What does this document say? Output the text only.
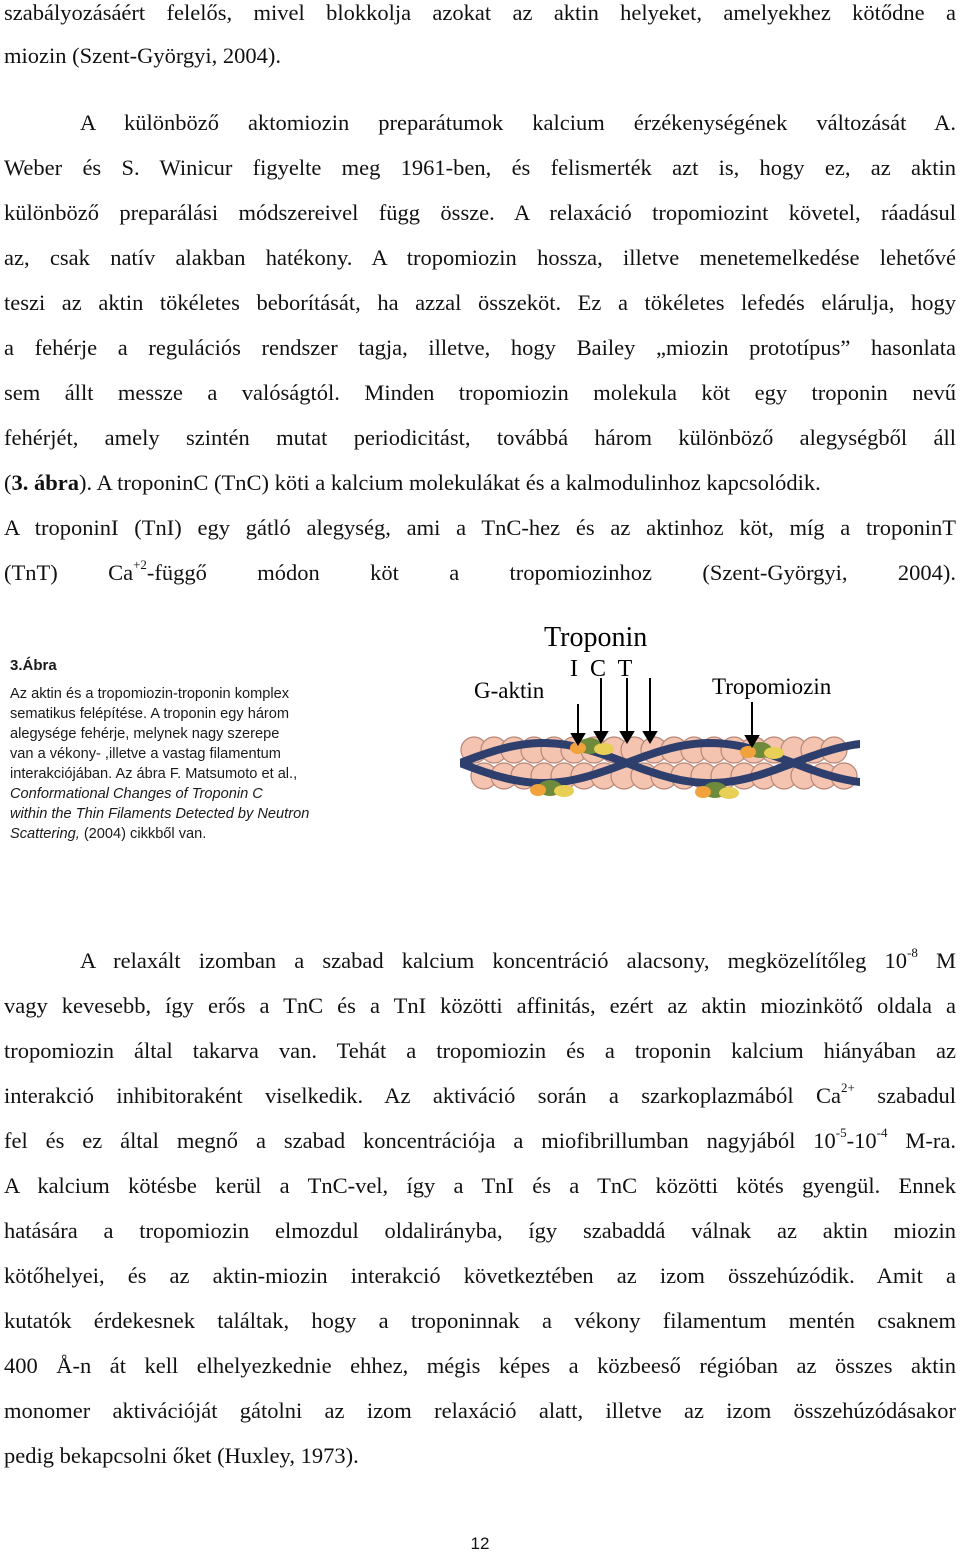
szabályozásáért felelős, mivel blokkolja azokat az aktin helyeket, amelyekhez kötődne a
miozin (Szent-Györgyi, 2004).
A különböző aktomiozin preparátumok kalcium érzékenységének változását A.
Weber és S. Winicur figyelte meg 1961-ben, és felismerték azt is, hogy ez, az aktin
különböző preparálási módszereivel függ össze. A relaxáció tropomiozint követel, ráadásul
az, csak natív alakban hatékony. A tropomiozin hossza, illetve menetemelkedése lehetővé
teszi az aktin tökéletes beborítását, ha azzal összeköt. Ez a tökéletes lefedés elárulja, hogy
a fehérje a regulációs rendszer tagja, illetve, hogy Bailey „miozin prototípus” hasonlata
sem állt messze a valóságtól. Minden tropomiozin molekula köt egy troponin nevű
fehérjét, amely szintén mutat periodicitást, továbbá három különböző alegységből áll
(3. ábra). A troponinC (TnC) köti a kalcium molekulákat és a kalmodulinhoz kapcsolódik.
A troponinI (TnI) egy gátló alegység, ami a TnC-hez és az aktinhoz köt, míg a troponinT
(TnT) $Ca^{+2}$-függő módon köt a tropomiozinhoz (Szent-Györgyi, 2004).
3.Ábra
Az aktin és a tropomiozin-troponin komplex
sematikus felépítése. A troponin egy három
alegysége fehérje, melynek nagy szerepe
van a vékony- ,illetve a vastag filamentum
interakciójában. Az ábra F. Matsumoto et al.,
Conformational Changes of Troponin C
within the Thin Filaments Detected by Neutron
Scattering, (2004) cikkből van.
Troponin
I  C  T
G-aktin	Tropomiozin
A relaxált izomban a szabad kalcium koncentráció alacsony, megközelítőleg $10^{-8}$ M
vagy kevesebb, így erős a TnC és a TnI közötti affinitás, ezért az aktin miozinkötő oldala a
tropomiozin által takarva van. Tehát a tropomiozin és a troponin kalcium hiányában az
interakció inhibitoraként viselkedik. Az aktiváció során a szarkoplazmából $Ca^{2+}$ szabadul
fel és ez által megnő a szabad koncentrációja a miofibrillumban nagyjából $10^{-5}-10^{-4}$ M-ra.
A kalcium kötésbe kerül a TnC-vel, így a TnI és a TnC közötti kötés gyengül. Ennek
hatására a tropomiozin elmozdul oldalirányba, így szabaddá válnak az aktin miozin
kötőhelyei, és az aktin-miozin interakció következtében az izom összehúzódik. Amit a
kutatók érdekesnek találtak, hogy a troponinnak a vékony filamentum mentén csaknem
400 Å-n át kell elhelyezkednie ehhez, mégis képes a közbeeső régióban az összes aktin
monomer aktivációját gátolni az izom relaxáció alatt, illetve az izom összehúzódásakor
pedig bekapcsolni őket (Huxley, 1973).
12
